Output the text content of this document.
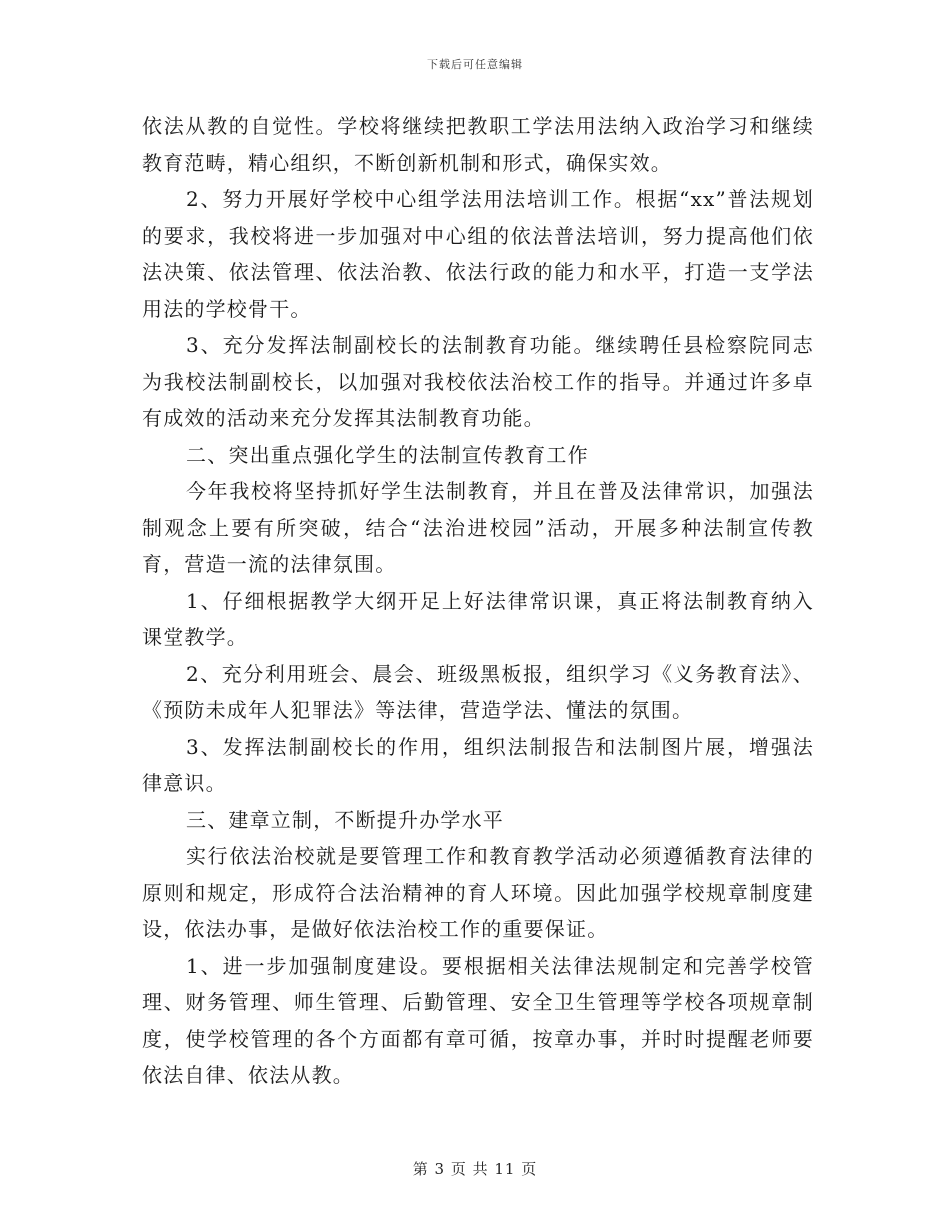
下载后可任意编辑

依法从教的自觉性。学校将继续把教职工学法用法纳入政治学习和继续教育范畴，精心组织，不断创新机制和形式，确保实效。

2、努力开展好学校中心组学法用法培训工作。根据“xx”普法规划的要求，我校将进一步加强对中心组的依法普法培训，努力提高他们依法决策、依法管理、依法治教、依法行政的能力和水平，打造一支学法用法的学校骨干。

3、充分发挥法制副校长的法制教育功能。继续聘任县检察院同志为我校法制副校长，以加强对我校依法治校工作的指导。并通过许多卓有成效的活动来充分发挥其法制教育功能。

二、突出重点强化学生的法制宣传教育工作

今年我校将坚持抓好学生法制教育，并且在普及法律常识，加强法制观念上要有所突破，结合“法治进校园”活动，开展多种法制宣传教育，营造一流的法律氛围。

1、仔细根据教学大纲开足上好法律常识课，真正将法制教育纳入课堂教学。

2、充分利用班会、晨会、班级黑板报，组织学习《义务教育法》、《预防未成年人犯罪法》等法律，营造学法、懂法的氛围。

3、发挥法制副校长的作用，组织法制报告和法制图片展，增强法律意识。

三、建章立制，不断提升办学水平

实行依法治校就是要管理工作和教育教学活动必须遵循教育法律的原则和规定，形成符合法治精神的育人环境。因此加强学校规章制度建设，依法办事，是做好依法治校工作的重要保证。

1、进一步加强制度建设。要根据相关法律法规制定和完善学校管理、财务管理、师生管理、后勤管理、安全卫生管理等学校各项规章制度，使学校管理的各个方面都有章可循，按章办事，并时时提醒老师要依法自律、依法从教。

第 3 页 共 11 页
